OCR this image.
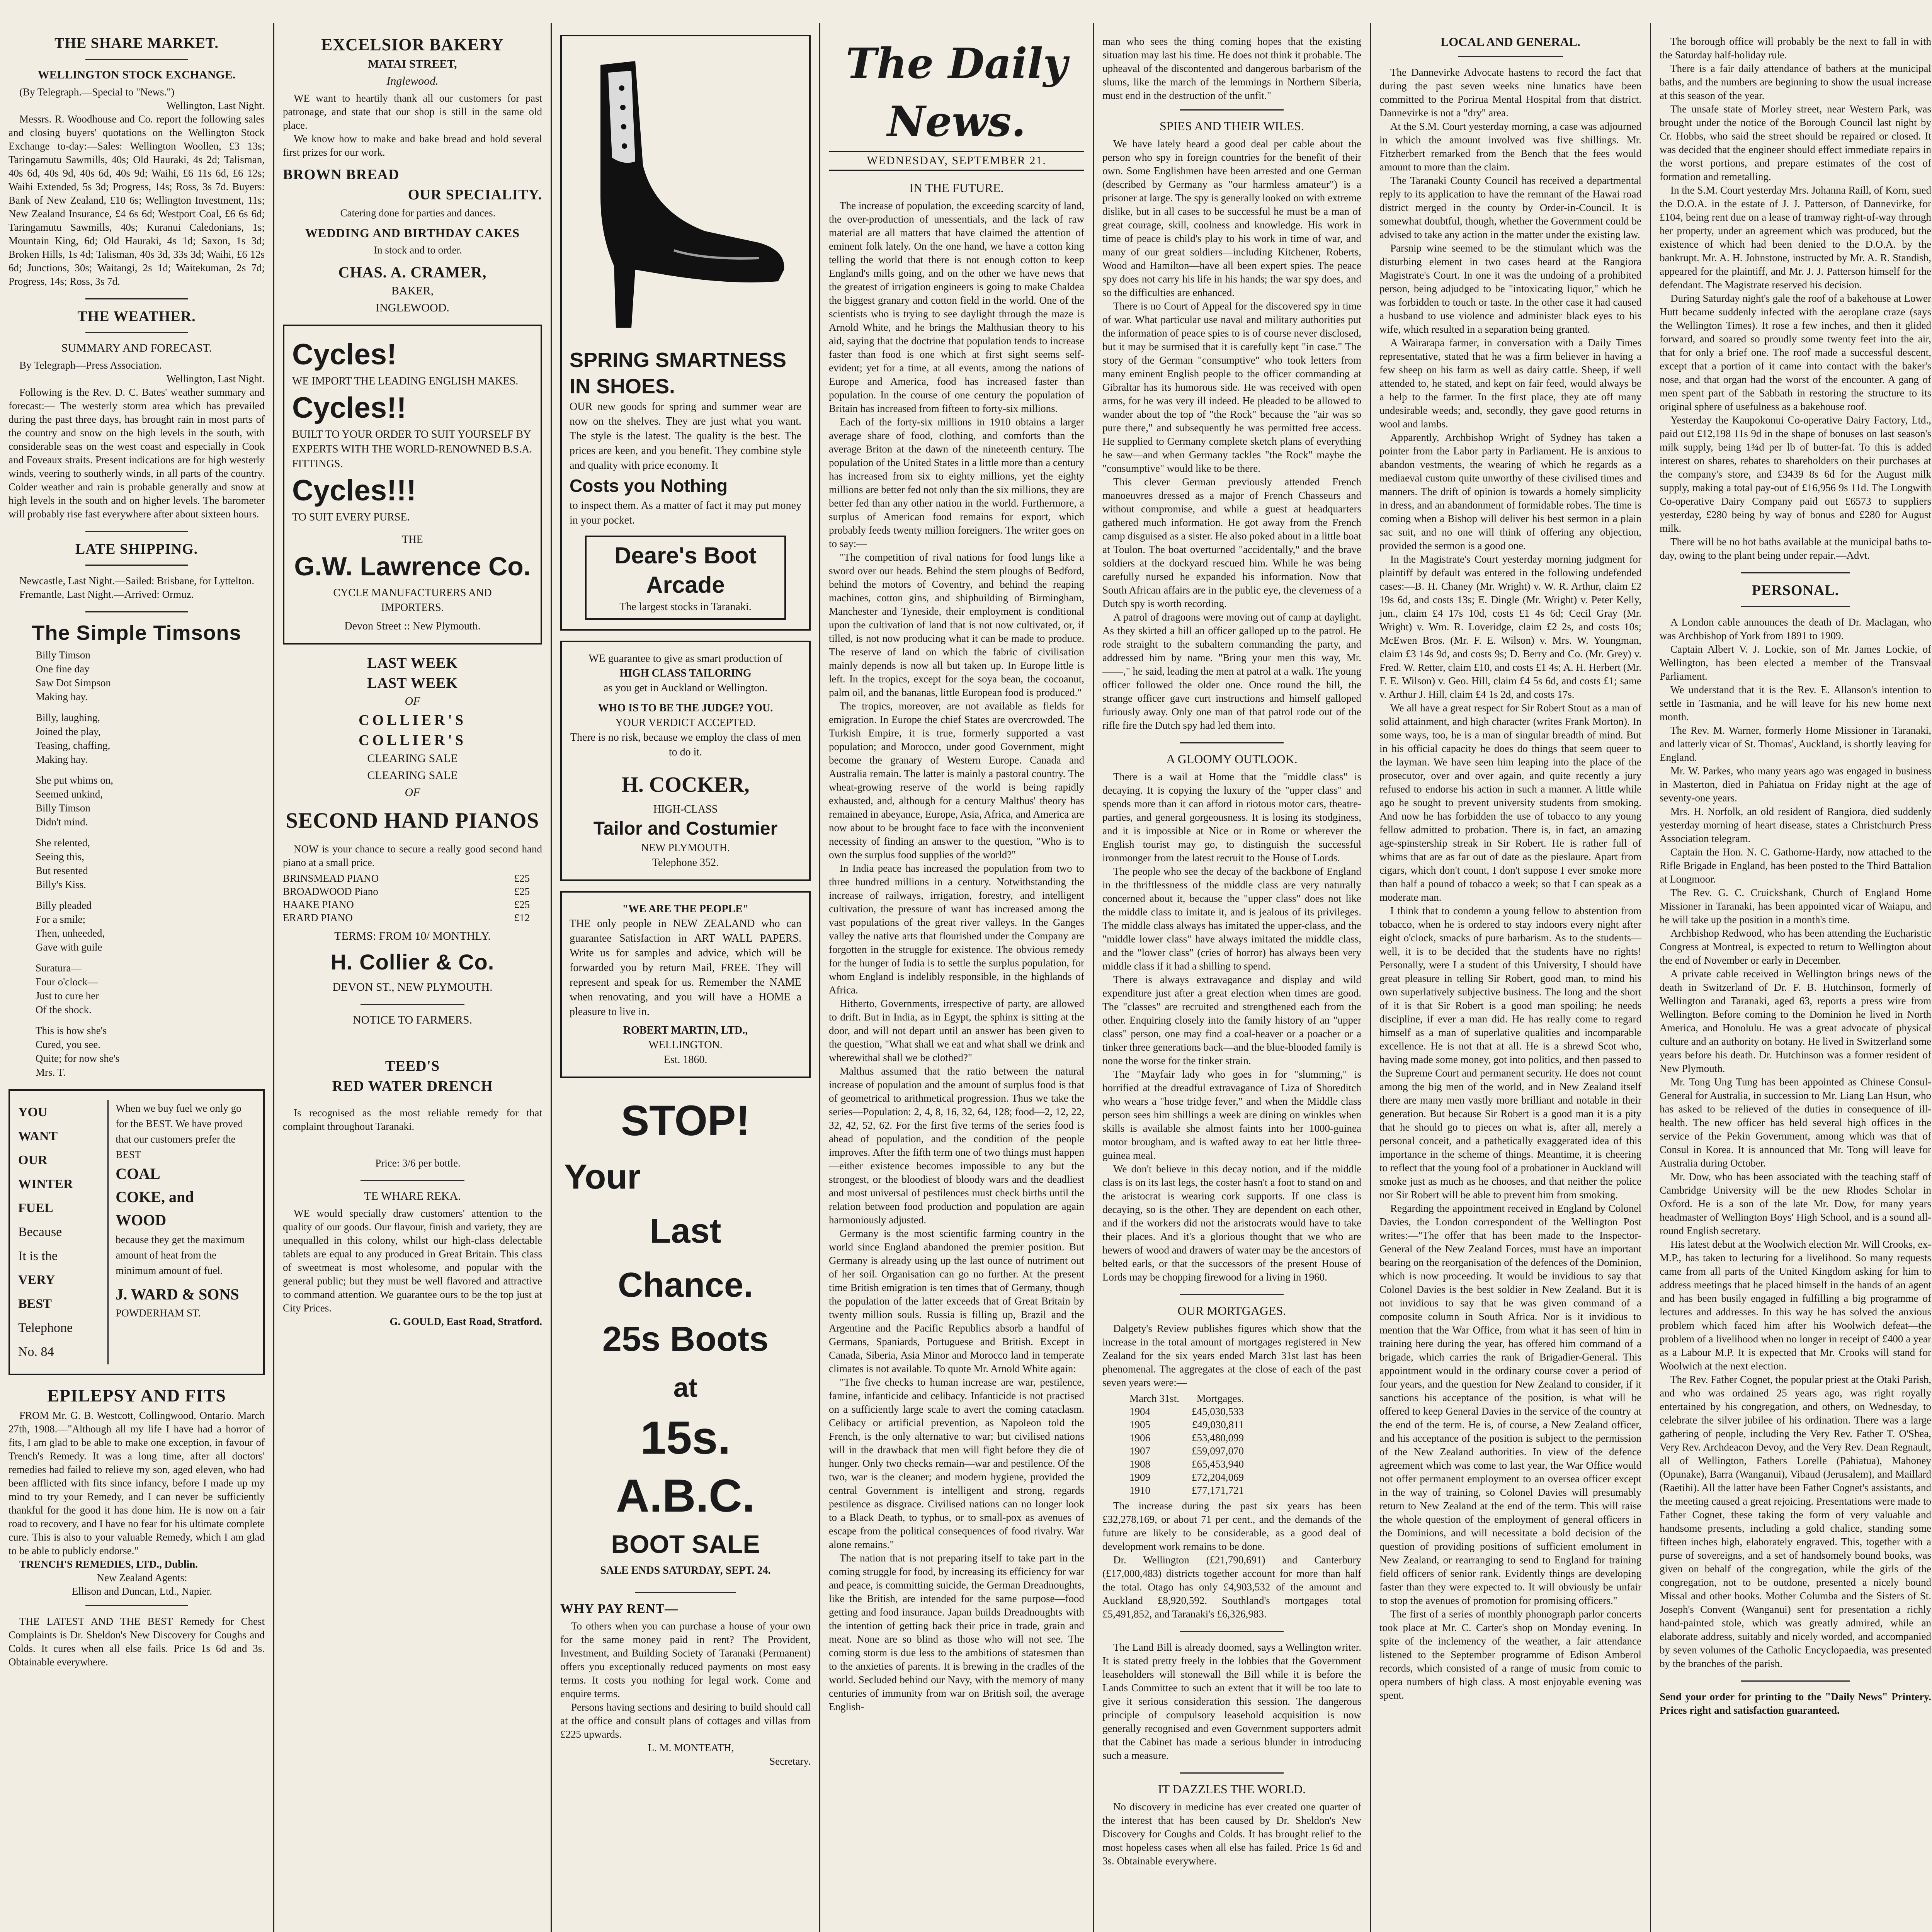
THE SHARE MARKET.
WELLINGTON STOCK EXCHANGE.

(By Telegraph.—Special to "News.")

Wellington, Last Night.

Messrs. R. Woodhouse and Co. report the following sales and closing buyers' quotations on the Wellington Stock Exchange to-day:—Sales: Wellington Woollen, £3 13s; Taringamutu Sawmills, 40s; Old Hauraki, 4s 2d; Talisman, 40s 6d, 40s 9d, 40s 6d, 40s 9d; Waihi, £6 11s 6d, £6 12s; Waihi Extended, 5s 3d; Progress, 14s; Ross, 3s 7d. Buyers: Bank of New Zealand, £10 6s; Wellington Investment, 11s; New Zealand Insurance, £4 6s 6d; Westport Coal, £6 6s 6d; Taringamutu Sawmills, 40s; Kuranui Caledonians, 1s; Mountain King, 6d; Old Hauraki, 4s 1d; Saxon, 1s 3d; Broken Hills, 1s 4d; Talisman, 40s 3d, 33s 3d; Waihi, £6 12s 6d; Junctions, 30s; Waitangi, 2s 1d; Waitekuman, 2s 7d; Progress, 14s; Ross, 3s 7d.

THE WEATHER.
SUMMARY AND FORECAST.

By Telegraph—Press Association.

Wellington, Last Night.

Following is the Rev. D. C. Bates' weather summary and forecast:— The westerly storm area which has prevailed during the past three days, has brought rain in most parts of the country and snow on the high levels in the south, with considerable seas on the west coast and especially in Cook and Foveaux straits. Present indications are for high westerly winds, veering to southerly winds, in all parts of the country. Colder weather and rain is probable generally and snow at high levels in the south and on higher levels. The barometer will probably rise fast everywhere after about sixteen hours.

LATE SHIPPING.

Newcastle, Last Night.—Sailed: Brisbane, for Lyttelton.

Fremantle, Last Night.—Arrived: Ormuz.

The Simple Timsons
Billy Timson
One fine day
Saw Dot Simpson
Making hay.

Billy, laughing,
Joined the play,
Teasing, chaffing,
Making hay.

She put whims on,
Seemed unkind,
Billy Timson
Didn't mind.

She relented,
Seeing this,
But resented
Billy's Kiss.

Billy pleaded
For a smile;
Then, unheeded,
Gave with guile

Suratura—
Four o'clock—
Just to cure her
Of the shock.

This is how she's
Cured, you see.
Quite; for now she's
Mrs. T.
YOU
WANT
OUR
WINTER
FUEL
Because
It is the
VERY
BEST
Telephone
No. 84

When we buy fuel we only go for the BEST. We have proved that our customers prefer the BEST
COAL
COKE, and
WOOD
because they get the maximum amount of heat from the minimum amount of fuel.
J. WARD & SONS
POWDERHAM ST.
EPILEPSY AND FITS

FROM Mr. G. B. Westcott, Collingwood, Ontario. March 27th, 1908.—"Although all my life I have had a horror of fits, I am glad to be able to make one exception, in favour of Trench's Remedy. It was a long time, after all doctors' remedies had failed to relieve my son, aged eleven, who had been afflicted with fits since infancy, before I made up my mind to try your Remedy, and I can never be sufficiently thankful for the good it has done him. He is now on a fair road to recovery, and I have no fear for his ultimate complete cure. This is also to your valuable Remedy, which I am glad to be able to publicly endorse."

TRENCH'S REMEDIES, LTD., Dublin.

New Zealand Agents:

Ellison and Duncan, Ltd., Napier.

THE LATEST AND THE BEST Remedy for Chest Complaints is Dr. Sheldon's New Discovery for Coughs and Colds. It cures when all else fails. Price 1s 6d and 3s. Obtainable everywhere.

EXCELSIOR BAKERY
MATAI STREET,
Inglewood.

WE want to heartily thank all our customers for past patronage, and state that our shop is still in the same old place.

We know how to make and bake bread and hold several first prizes for our work.

BROWN BREAD
OUR SPECIALITY.

Catering done for parties and dances.

WEDDING AND BIRTHDAY CAKES

In stock and to order.

CHAS. A. CRAMER,
BAKER,
INGLEWOOD.
Cycles!
WE IMPORT THE LEADING ENGLISH MAKES.
Cycles!!
BUILT TO YOUR ORDER TO SUIT YOURSELF BY EXPERTS WITH THE WORLD-RENOWNED B.S.A. FITTINGS.
Cycles!!!
TO SUIT EVERY PURSE.
THE
G.W. Lawrence Co.
CYCLE MANUFACTURERS AND
IMPORTERS.
Devon Street :: New Plymouth.
LAST WEEK
LAST WEEK
OF
COLLIER'S
COLLIER'S
CLEARING SALE
CLEARING SALE
OF
SECOND HAND PIANOS

NOW is your chance to secure a really good second hand piano at a small price.

BRINSMEAD PIANO	£25
BROADWOOD Piano	£25
HAAKE PIANO	£25
ERARD PIANO	£12
TERMS: FROM 10/ MONTHLY.
H. Collier & Co.
DEVON ST., NEW PLYMOUTH.
NOTICE TO FARMERS.
TEED'S
RED WATER DRENCH

Is recognised as the most reliable remedy for that complaint throughout Taranaki.

Price: 3/6 per bottle.

TE WHARE REKA.

WE would specially draw customers' attention to the quality of our goods. Our flavour, finish and variety, they are unequalled in this colony, whilst our high-class delectable tablets are equal to any produced in Great Britain. This class of sweetmeat is most wholesome, and popular with the general public; but they must be well flavored and attractive to command attention. We guarantee ours to be the top just at City Prices.

G. GOULD, East Road, Stratford.

SPRING SMARTNESS IN SHOES.
OUR new goods for spring and summer wear are now on the shelves. They are just what you want. The style is the latest. The quality is the best. The prices are keen, and you benefit. They combine style and quality with price economy. It
Costs you Nothing
to inspect them. As a matter of fact it may put money in your pocket.
Deare's Boot Arcade
The largest stocks in Taranaki.
WE guarantee to give as smart production of
HIGH CLASS TAILORING
as you get in Auckland or Wellington.
WHO IS TO BE THE JUDGE? YOU.
YOUR VERDICT ACCEPTED.
There is no risk, because we employ the class of men to do it.
H. COCKER,
HIGH-CLASS
Tailor and Costumier
NEW PLYMOUTH.
Telephone 352.
"WE ARE THE PEOPLE"
THE only people in NEW ZEALAND who can guarantee Satisfaction in ART WALL PAPERS. Write us for samples and advice, which will be forwarded you by return Mail, FREE. They will represent and speak for us. Remember the NAME when renovating, and you will have a HOME a pleasure to live in.
ROBERT MARTIN, LTD.,
WELLINGTON.
Est. 1860.
STOP!
Your
Last
Chance.
25s Boots
at
15s.
A.B.C.
BOOT SALE
SALE ENDS SATURDAY, SEPT. 24.
WHY PAY RENT—

To others when you can purchase a house of your own for the same money paid in rent? The Provident, Investment, and Building Society of Taranaki (Permanent) offers you exceptionally reduced payments on most easy terms. It costs you nothing for legal work. Come and enquire terms.

Persons having sections and desiring to build should call at the office and consult plans of cottages and villas from £225 upwards.

L. M. MONTEATH,

Secretary.

The Daily News.

WEDNESDAY, SEPTEMBER 21.
IN THE FUTURE.

The increase of population, the exceeding scarcity of land, the over-production of unessentials, and the lack of raw material are all matters that have claimed the attention of eminent folk lately. On the one hand, we have a cotton king telling the world that there is not enough cotton to keep England's mills going, and on the other we have news that the greatest of irrigation engineers is going to make Chaldea the biggest granary and cotton field in the world. One of the scientists who is trying to see daylight through the maze is Arnold White, and he brings the Malthusian theory to his aid, saying that the doctrine that population tends to increase faster than food is one which at first sight seems self-evident; yet for a time, at all events, among the nations of Europe and America, food has increased faster than population. In the course of one century the population of Britain has increased from fifteen to forty-six millions.

Each of the forty-six millions in 1910 obtains a larger average share of food, clothing, and comforts than the average Briton at the dawn of the nineteenth century. The population of the United States in a little more than a century has increased from six to eighty millions, yet the eighty millions are better fed not only than the six millions, they are better fed than any other nation in the world. Furthermore, a surplus of American food remains for export, which probably feeds twenty million foreigners. The writer goes on to say:—

"The competition of rival nations for food lungs like a sword over our heads. Behind the stern ploughs of Bedford, behind the motors of Coventry, and behind the reaping machines, cotton gins, and shipbuilding of Birmingham, Manchester and Tyneside, their employment is conditional upon the cultivation of land that is not now cultivated, or, if tilled, is not now producing what it can be made to produce. The reserve of land on which the fabric of civilisation mainly depends is now all but taken up. In Europe little is left. In the tropics, except for the soya bean, the cocoanut, palm oil, and the bananas, little European food is produced."

The tropics, moreover, are not available as fields for emigration. In Europe the chief States are overcrowded. The Turkish Empire, it is true, formerly supported a vast population; and Morocco, under good Government, might become the granary of Western Europe. Canada and Australia remain. The latter is mainly a pastoral country. The wheat-growing reserve of the world is being rapidly exhausted, and, although for a century Malthus' theory has remained in abeyance, Europe, Asia, Africa, and America are now about to be brought face to face with the inconvenient necessity of finding an answer to the question, "Who is to own the surplus food supplies of the world?"

In India peace has increased the population from two to three hundred millions in a century. Notwithstanding the increase of railways, irrigation, forestry, and intelligent cultivation, the pressure of want has increased among the vast populations of the great river valleys. In the Ganges valley the native arts that flourished under the Company are forgotten in the struggle for existence. The obvious remedy for the hunger of India is to settle the surplus population, for whom England is indelibly responsible, in the highlands of Africa.

Hitherto, Governments, irrespective of party, are allowed to drift. But in India, as in Egypt, the sphinx is sitting at the door, and will not depart until an answer has been given to the question, "What shall we eat and what shall we drink and wherewithal shall we be clothed?"

Malthus assumed that the ratio between the natural increase of population and the amount of surplus food is that of geometrical to arithmetical progression. Thus we take the series—Population: 2, 4, 8, 16, 32, 64, 128; food—2, 12, 22, 32, 42, 52, 62. For the first five terms of the series food is ahead of population, and the condition of the people improves. After the fifth term one of two things must happen—either existence becomes impossible to any but the strongest, or the bloodiest of bloody wars and the deadliest and most universal of pestilences must check births until the relation between food production and population are again harmoniously adjusted.

Germany is the most scientific farming country in the world since England abandoned the premier position. But Germany is already using up the last ounce of nutriment out of her soil. Organisation can go no further. At the present time British emigration is ten times that of Germany, though the population of the latter exceeds that of Great Britain by twenty million souls. Russia is filling up, Brazil and the Argentine and the Pacific Republics absorb a handful of Germans, Spaniards, Portuguese and British. Except in Canada, Siberia, Asia Minor and Morocco land in temperate climates is not available. To quote Mr. Arnold White again:

"The five checks to human increase are war, pestilence, famine, infanticide and celibacy. Infanticide is not practised on a sufficiently large scale to avert the coming cataclasm. Celibacy or artificial prevention, as Napoleon told the French, is the only alternative to war; but civilised nations will in the drawback that men will fight before they die of hunger. Only two checks remain—war and pestilence. Of the two, war is the cleaner; and modern hygiene, provided the central Government is intelligent and strong, regards pestilence as disgrace. Civilised nations can no longer look to a Black Death, to typhus, or to small-pox as avenues of escape from the political consequences of food rivalry. War alone remains."

The nation that is not preparing itself to take part in the coming struggle for food, by increasing its efficiency for war and peace, is committing suicide, the German Dreadnoughts, like the British, are intended for the same purpose—food getting and food insurance. Japan builds Dreadnoughts with the intention of getting back their price in trade, grain and meat. None are so blind as those who will not see. The coming storm is due less to the ambitions of statesmen than to the anxieties of parents. It is brewing in the cradles of the world. Secluded behind our Navy, with the memory of many centuries of immunity from war on British soil, the average English-

man who sees the thing coming hopes that the existing situation may last his time. He does not think it probable. The upheaval of the discontented and dangerous barbarism of the slums, like the march of the lemmings in Northern Siberia, must end in the destruction of the unfit."

SPIES AND THEIR WILES.

We have lately heard a good deal per cable about the person who spy in foreign countries for the benefit of their own. Some Englishmen have been arrested and one German (described by Germany as "our harmless amateur") is a prisoner at large. The spy is generally looked on with extreme dislike, but in all cases to be successful he must be a man of great courage, skill, coolness and knowledge. His work in time of peace is child's play to his work in time of war, and many of our great soldiers—including Kitchener, Roberts, Wood and Hamilton—have all been expert spies. The peace spy does not carry his life in his hands; the war spy does, and so the difficulties are enhanced.

There is no Court of Appeal for the discovered spy in time of war. What particular use naval and military authorities put the information of peace spies to is of course never disclosed, but it may be surmised that it is carefully kept "in case." The story of the German "consumptive" who took letters from many eminent English people to the officer commanding at Gibraltar has its humorous side. He was received with open arms, for he was very ill indeed. He pleaded to be allowed to wander about the top of "the Rock" because the "air was so pure there," and subsequently he was permitted free access. He supplied to Germany complete sketch plans of everything he saw—and when Germany tackles "the Rock" maybe the "consumptive" would like to be there.

This clever German previously attended French manoeuvres dressed as a major of French Chasseurs and without compromise, and while a guest at headquarters gathered much information. He got away from the French camp disguised as a sister. He also poked about in a little boat at Toulon. The boat overturned "accidentally," and the brave soldiers at the dockyard rescued him. While he was being carefully nursed he expanded his information. Now that South African affairs are in the public eye, the cleverness of a Dutch spy is worth recording.

A patrol of dragoons were moving out of camp at daylight. As they skirted a hill an officer galloped up to the patrol. He rode straight to the subaltern commanding the party, and addressed him by name. "Bring your men this way, Mr. ——," he said, leading the men at patrol at a walk. The young officer followed the older one. Once round the hill, the strange officer gave curt instructions and himself galloped furiously away. Only one man of that patrol rode out of the rifle fire the Dutch spy had led them into.

A GLOOMY OUTLOOK.

There is a wail at Home that the "middle class" is decaying. It is copying the luxury of the "upper class" and spends more than it can afford in riotous motor cars, theatre-parties, and general gorgeousness. It is losing its stodginess, and it is impossible at Nice or in Rome or wherever the English tourist may go, to distinguish the successful ironmonger from the latest recruit to the House of Lords.

The people who see the decay of the backbone of England in the thriftlessness of the middle class are very naturally concerned about it, because the "upper class" does not like the middle class to imitate it, and is jealous of its privileges. The middle class always has imitated the upper-class, and the "middle lower class" have always imitated the middle class, and the "lower class" (cries of horror) has always been very middle class if it had a shilling to spend.

There is always extravagance and display and wild expenditure just after a great election when times are good. The "classes" are recruited and strengthened each from the other. Enquiring closely into the family history of an "upper class" person, one may find a coal-heaver or a poacher or a tinker three generations back—and the blue-blooded family is none the worse for the tinker strain.

The "Mayfair lady who goes in for "slumming," is horrified at the dreadful extravagance of Liza of Shoreditch who wears a "hose tridge fever," and when the Middle class person sees him shillings a week are dining on winkles when skills is available she almost faints into her 1000-guinea motor brougham, and is wafted away to eat her little three-guinea meal.

We don't believe in this decay notion, and if the middle class is on its last legs, the coster hasn't a foot to stand on and the aristocrat is wearing cork supports. If one class is decaying, so is the other. They are dependent on each other, and if the workers did not the aristocrats would have to take their places. And it's a glorious thought that we who are hewers of wood and drawers of water may be the ancestors of belted earls, or that the successors of the present House of Lords may be chopping firewood for a living in 1960.

OUR MORTGAGES.

Dalgety's Review publishes figures which show that the increase in the total amount of mortgages registered in New Zealand for the six years ended March 31st last has been phenomenal. The aggregates at the close of each of the past seven years were:—

March 31st.	Mortgages.
1904	£45,030,533
1905	£49,030,811
1906	£53,480,099
1907	£59,097,070
1908	£65,453,940
1909	£72,204,069
1910	£77,171,721

The increase during the past six years has been £32,278,169, or about 71 per cent., and the demands of the future are likely to be considerable, as a good deal of development work remains to be done.

Dr. Wellington (£21,790,691) and Canterbury (£17,000,483) districts together account for more than half the total. Otago has only £4,903,532 of the amount and Auckland £8,920,592. Southland's mortgages total £5,491,852, and Taranaki's £6,326,983.

The Land Bill is already doomed, says a Wellington writer. It is stated pretty freely in the lobbies that the Government leaseholders will stonewall the Bill while it is before the Lands Committee to such an extent that it will be too late to give it serious consideration this session. The dangerous principle of compulsory leasehold acquisition is now generally recognised and even Government supporters admit that the Cabinet has made a serious blunder in introducing such a measure.

IT DAZZLES THE WORLD.

No discovery in medicine has ever created one quarter of the interest that has been caused by Dr. Sheldon's New Discovery for Coughs and Colds. It has brought relief to the most hopeless cases when all else has failed. Price 1s 6d and 3s. Obtainable everywhere.

LOCAL AND GENERAL.

The Dannevirke Advocate hastens to record the fact that during the past seven weeks nine lunatics have been committed to the Porirua Mental Hospital from that district. Dannevirke is not a "dry" area.

At the S.M. Court yesterday morning, a case was adjourned in which the amount involved was five shillings. Mr. Fitzherbert remarked from the Bench that the fees would amount to more than the claim.

The Taranaki County Council has received a departmental reply to its application to have the remnant of the Hawai road district merged in the county by Order-in-Council. It is somewhat doubtful, though, whether the Government could be advised to take any action in the matter under the existing law.

Parsnip wine seemed to be the stimulant which was the disturbing element in two cases heard at the Rangiora Magistrate's Court. In one it was the undoing of a prohibited person, being adjudged to be "intoxicating liquor," which he was forbidden to touch or taste. In the other case it had caused a husband to use violence and administer black eyes to his wife, which resulted in a separation being granted.

A Wairarapa farmer, in conversation with a Daily Times representative, stated that he was a firm believer in having a few sheep on his farm as well as dairy cattle. Sheep, if well attended to, he stated, and kept on fair feed, would always be a help to the farmer. In the first place, they ate off many undesirable weeds; and, secondly, they gave good returns in wool and lambs.

Apparently, Archbishop Wright of Sydney has taken a pointer from the Labor party in Parliament. He is anxious to abandon vestments, the wearing of which he regards as a mediaeval custom quite unworthy of these civilised times and manners. The drift of opinion is towards a homely simplicity in dress, and an abandonment of formidable robes. The time is coming when a Bishop will deliver his best sermon in a plain sac suit, and no one will think of offering any objection, provided the sermon is a good one.

In the Magistrate's Court yesterday morning judgment for plaintiff by default was entered in the following undefended cases:—B. H. Chaney (Mr. Wright) v. W. R. Arthur, claim £2 19s 6d, and costs 13s; E. Dingle (Mr. Wright) v. Peter Kelly, jun., claim £4 17s 10d, costs £1 4s 6d; Cecil Gray (Mr. Wright) v. Wm. R. Loveridge, claim £2 2s, and costs 10s; McEwen Bros. (Mr. F. E. Wilson) v. Mrs. W. Youngman, claim £3 14s 9d, and costs 9s; D. Berry and Co. (Mr. Grey) v. Fred. W. Retter, claim £10, and costs £1 4s; A. H. Herbert (Mr. F. E. Wilson) v. Geo. Hill, claim £4 5s 6d, and costs £1; same v. Arthur J. Hill, claim £4 1s 2d, and costs 17s.

We all have a great respect for Sir Robert Stout as a man of solid attainment, and high character (writes Frank Morton). In some ways, too, he is a man of singular breadth of mind. But in his official capacity he does do things that seem queer to the layman. We have seen him leaping into the place of the prosecutor, over and over again, and quite recently a jury refused to endorse his action in such a manner. A little while ago he sought to prevent university students from smoking. And now he has forbidden the use of tobacco to any young fellow admitted to probation. There is, in fact, an amazing age-spinstership streak in Sir Robert. He is rather full of whims that are as far out of date as the pieslaure. Apart from cigars, which don't count, I don't suppose I ever smoke more than half a pound of tobacco a week; so that I can speak as a moderate man.

I think that to condemn a young fellow to abstention from tobacco, when he is ordered to stay indoors every night after eight o'clock, smacks of pure barbarism. As to the students—well, it is to be decided that the students have no rights! Personally, were I a student of this University, I should have great pleasure in telling Sir Robert, good man, to mind his own superlatively subjective business. The long and the short of it is that Sir Robert is a good man spoiling; he needs discipline, if ever a man did. He has really come to regard himself as a man of superlative qualities and incomparable excellence. He is not that at all. He is a shrewd Scot who, having made some money, got into politics, and then passed to the Supreme Court and permanent security. He does not count among the big men of the world, and in New Zealand itself there are many men vastly more brilliant and notable in their generation. But because Sir Robert is a good man it is a pity that he should go to pieces on what is, after all, merely a personal conceit, and a pathetically exaggerated idea of this importance in the scheme of things. Meantime, it is cheering to reflect that the young fool of a probationer in Auckland will smoke just as much as he chooses, and that neither the police nor Sir Robert will be able to prevent him from smoking.

Regarding the appointment received in England by Colonel Davies, the London correspondent of the Wellington Post writes:—"The offer that has been made to the Inspector-General of the New Zealand Forces, must have an important bearing on the reorganisation of the defences of the Dominion, which is now proceeding. It would be invidious to say that Colonel Davies is the best soldier in New Zealand. But it is not invidious to say that he was given command of a composite column in South Africa. Nor is it invidious to mention that the War Office, from what it has seen of him in training here during the year, has offered him command of a brigade, which carries the rank of Brigadier-General. This appointment would in the ordinary course cover a period of four years, and the question for New Zealand to consider, if it sanctions his acceptance of the position, is what will be offered to keep General Davies in the service of the country at the end of the term. He is, of course, a New Zealand officer, and his acceptance of the position is subject to the permission of the New Zealand authorities. In view of the defence agreement which was come to last year, the War Office would not offer permanent employment to an oversea officer except in the way of training, so Colonel Davies will presumably return to New Zealand at the end of the term. This will raise the whole question of the employment of general officers in the Dominions, and will necessitate a bold decision of the question of providing positions of sufficient emolument in New Zealand, or rearranging to send to England for training field officers of senior rank. Evidently things are developing faster than they were expected to. It will obviously be unfair to stop the avenues of promotion for promising officers."

The first of a series of monthly phonograph parlor concerts took place at Mr. C. Carter's shop on Monday evening. In spite of the inclemency of the weather, a fair attendance listened to the September programme of Edison Amberol records, which consisted of a range of music from comic to opera numbers of high class. A most enjoyable evening was spent.

The borough office will probably be the next to fall in with the Saturday half-holiday rule.

There is a fair daily attendance of bathers at the municipal baths, and the numbers are beginning to show the usual increase at this season of the year.

The unsafe state of Morley street, near Western Park, was brought under the notice of the Borough Council last night by Cr. Hobbs, who said the street should be repaired or closed. It was decided that the engineer should effect immediate repairs in the worst portions, and prepare estimates of the cost of formation and remetalling.

In the S.M. Court yesterday Mrs. Johanna Raill, of Korn, sued the D.O.A. in the estate of J. J. Patterson, of Dannevirke, for £104, being rent due on a lease of tramway right-of-way through her property, under an agreement which was produced, but the existence of which had been denied to the D.O.A. by the bankrupt. Mr. A. H. Johnstone, instructed by Mr. A. R. Standish, appeared for the plaintiff, and Mr. J. J. Patterson himself for the defendant. The Magistrate reserved his decision.

During Saturday night's gale the roof of a bakehouse at Lower Hutt became suddenly infected with the aeroplane craze (says the Wellington Times). It rose a few inches, and then it glided forward, and soared so proudly some twenty feet into the air, that for only a brief one. The roof made a successful descent, except that a portion of it came into contact with the baker's nose, and that organ had the worst of the encounter. A gang of men spent part of the Sabbath in restoring the structure to its original sphere of usefulness as a bakehouse roof.

Yesterday the Kaupokonui Co-operative Dairy Factory, Ltd., paid out £12,198 11s 9d in the shape of bonuses on last season's milk supply, being 1¾d per lb of butter-fat. To this is added interest on shares, rebates to shareholders on their purchases at the company's store, and £3439 8s 6d for the August milk supply, making a total pay-out of £16,956 9s 11d. The Longwith Co-operative Dairy Company paid out £6573 to suppliers yesterday, £280 being by way of bonus and £280 for August milk.

There will be no hot baths available at the municipal baths to-day, owing to the plant being under repair.—Advt.

PERSONAL.

A London cable announces the death of Dr. Maclagan, who was Archbishop of York from 1891 to 1909.

Captain Albert V. J. Lockie, son of Mr. James Lockie, of Wellington, has been elected a member of the Transvaal Parliament.

We understand that it is the Rev. E. Allanson's intention to settle in Tasmania, and he will leave for his new home next month.

The Rev. M. Warner, formerly Home Missioner in Taranaki, and latterly vicar of St. Thomas', Auckland, is shortly leaving for England.

Mr. W. Parkes, who many years ago was engaged in business in Masterton, died in Pahiatua on Friday night at the age of seventy-one years.

Mrs. H. Norfolk, an old resident of Rangiora, died suddenly yesterday morning of heart disease, states a Christchurch Press Association telegram.

Captain the Hon. N. C. Gathorne-Hardy, now attached to the Rifle Brigade in England, has been posted to the Third Battalion at Longmoor.

The Rev. G. C. Cruickshank, Church of England Home Missioner in Taranaki, has been appointed vicar of Waiapu, and he will take up the position in a month's time.

Archbishop Redwood, who has been attending the Eucharistic Congress at Montreal, is expected to return to Wellington about the end of November or early in December.

A private cable received in Wellington brings news of the death in Switzerland of Dr. F. B. Hutchinson, formerly of Wellington and Taranaki, aged 63, reports a press wire from Wellington. Before coming to the Dominion he lived in North America, and Honolulu. He was a great advocate of physical culture and an authority on botany. He lived in Switzerland some years before his death. Dr. Hutchinson was a former resident of New Plymouth.

Mr. Tong Ung Tung has been appointed as Chinese Consul-General for Australia, in succession to Mr. Liang Lan Hsun, who has asked to be relieved of the duties in consequence of ill-health. The new officer has held several high offices in the service of the Pekin Government, among which was that of Consul in Korea. It is announced that Mr. Tong will leave for Australia during October.

Mr. Dow, who has been associated with the teaching staff of Cambridge University will be the new Rhodes Scholar in Oxford. He is a son of the late Mr. Dow, for many years headmaster of Wellington Boys' High School, and is a sound all-round English secretary.

His latest debut at the Woolwich election Mr. Will Crooks, ex-M.P., has taken to lecturing for a livelihood. So many requests came from all parts of the United Kingdom asking for him to address meetings that he placed himself in the hands of an agent and has been busily engaged in fulfilling a big programme of lectures and addresses. In this way he has solved the anxious problem which faced him after his Woolwich defeat—the problem of a livelihood when no longer in receipt of £400 a year as a Labour M.P. It is expected that Mr. Crooks will stand for Woolwich at the next election.

The Rev. Father Cognet, the popular priest at the Otaki Parish, and who was ordained 25 years ago, was right royally entertained by his congregation, and others, on Wednesday, to celebrate the silver jubilee of his ordination. There was a large gathering of people, including the Very Rev. Father T. O'Shea, Very Rev. Archdeacon Devoy, and the Very Rev. Dean Regnault, all of Wellington, Fathers Lorelle (Pahiatua), Mahoney (Opunake), Barra (Wanganui), Vibaud (Jerusalem), and Maillard (Raetihi). All the latter have been Father Cognet's assistants, and the meeting caused a great rejoicing. Presentations were made to Father Cognet, these taking the form of very valuable and handsome presents, including a gold chalice, standing some fifteen inches high, elaborately engraved. This, together with a purse of sovereigns, and a set of handsomely bound books, was given on behalf of the congregation, while the girls of the congregation, not to be outdone, presented a nicely bound Missal and other books. Mother Columba and the Sisters of St. Joseph's Convent (Wanganui) sent for presentation a richly hand-painted stole, which was greatly admired, while an elaborate address, suitably and nicely worded, and accompanied by seven volumes of the Catholic Encyclopaedia, was presented by the branches of the parish.

Send your order for printing to the "Daily News" Printery. Prices right and satisfaction guaranteed.
